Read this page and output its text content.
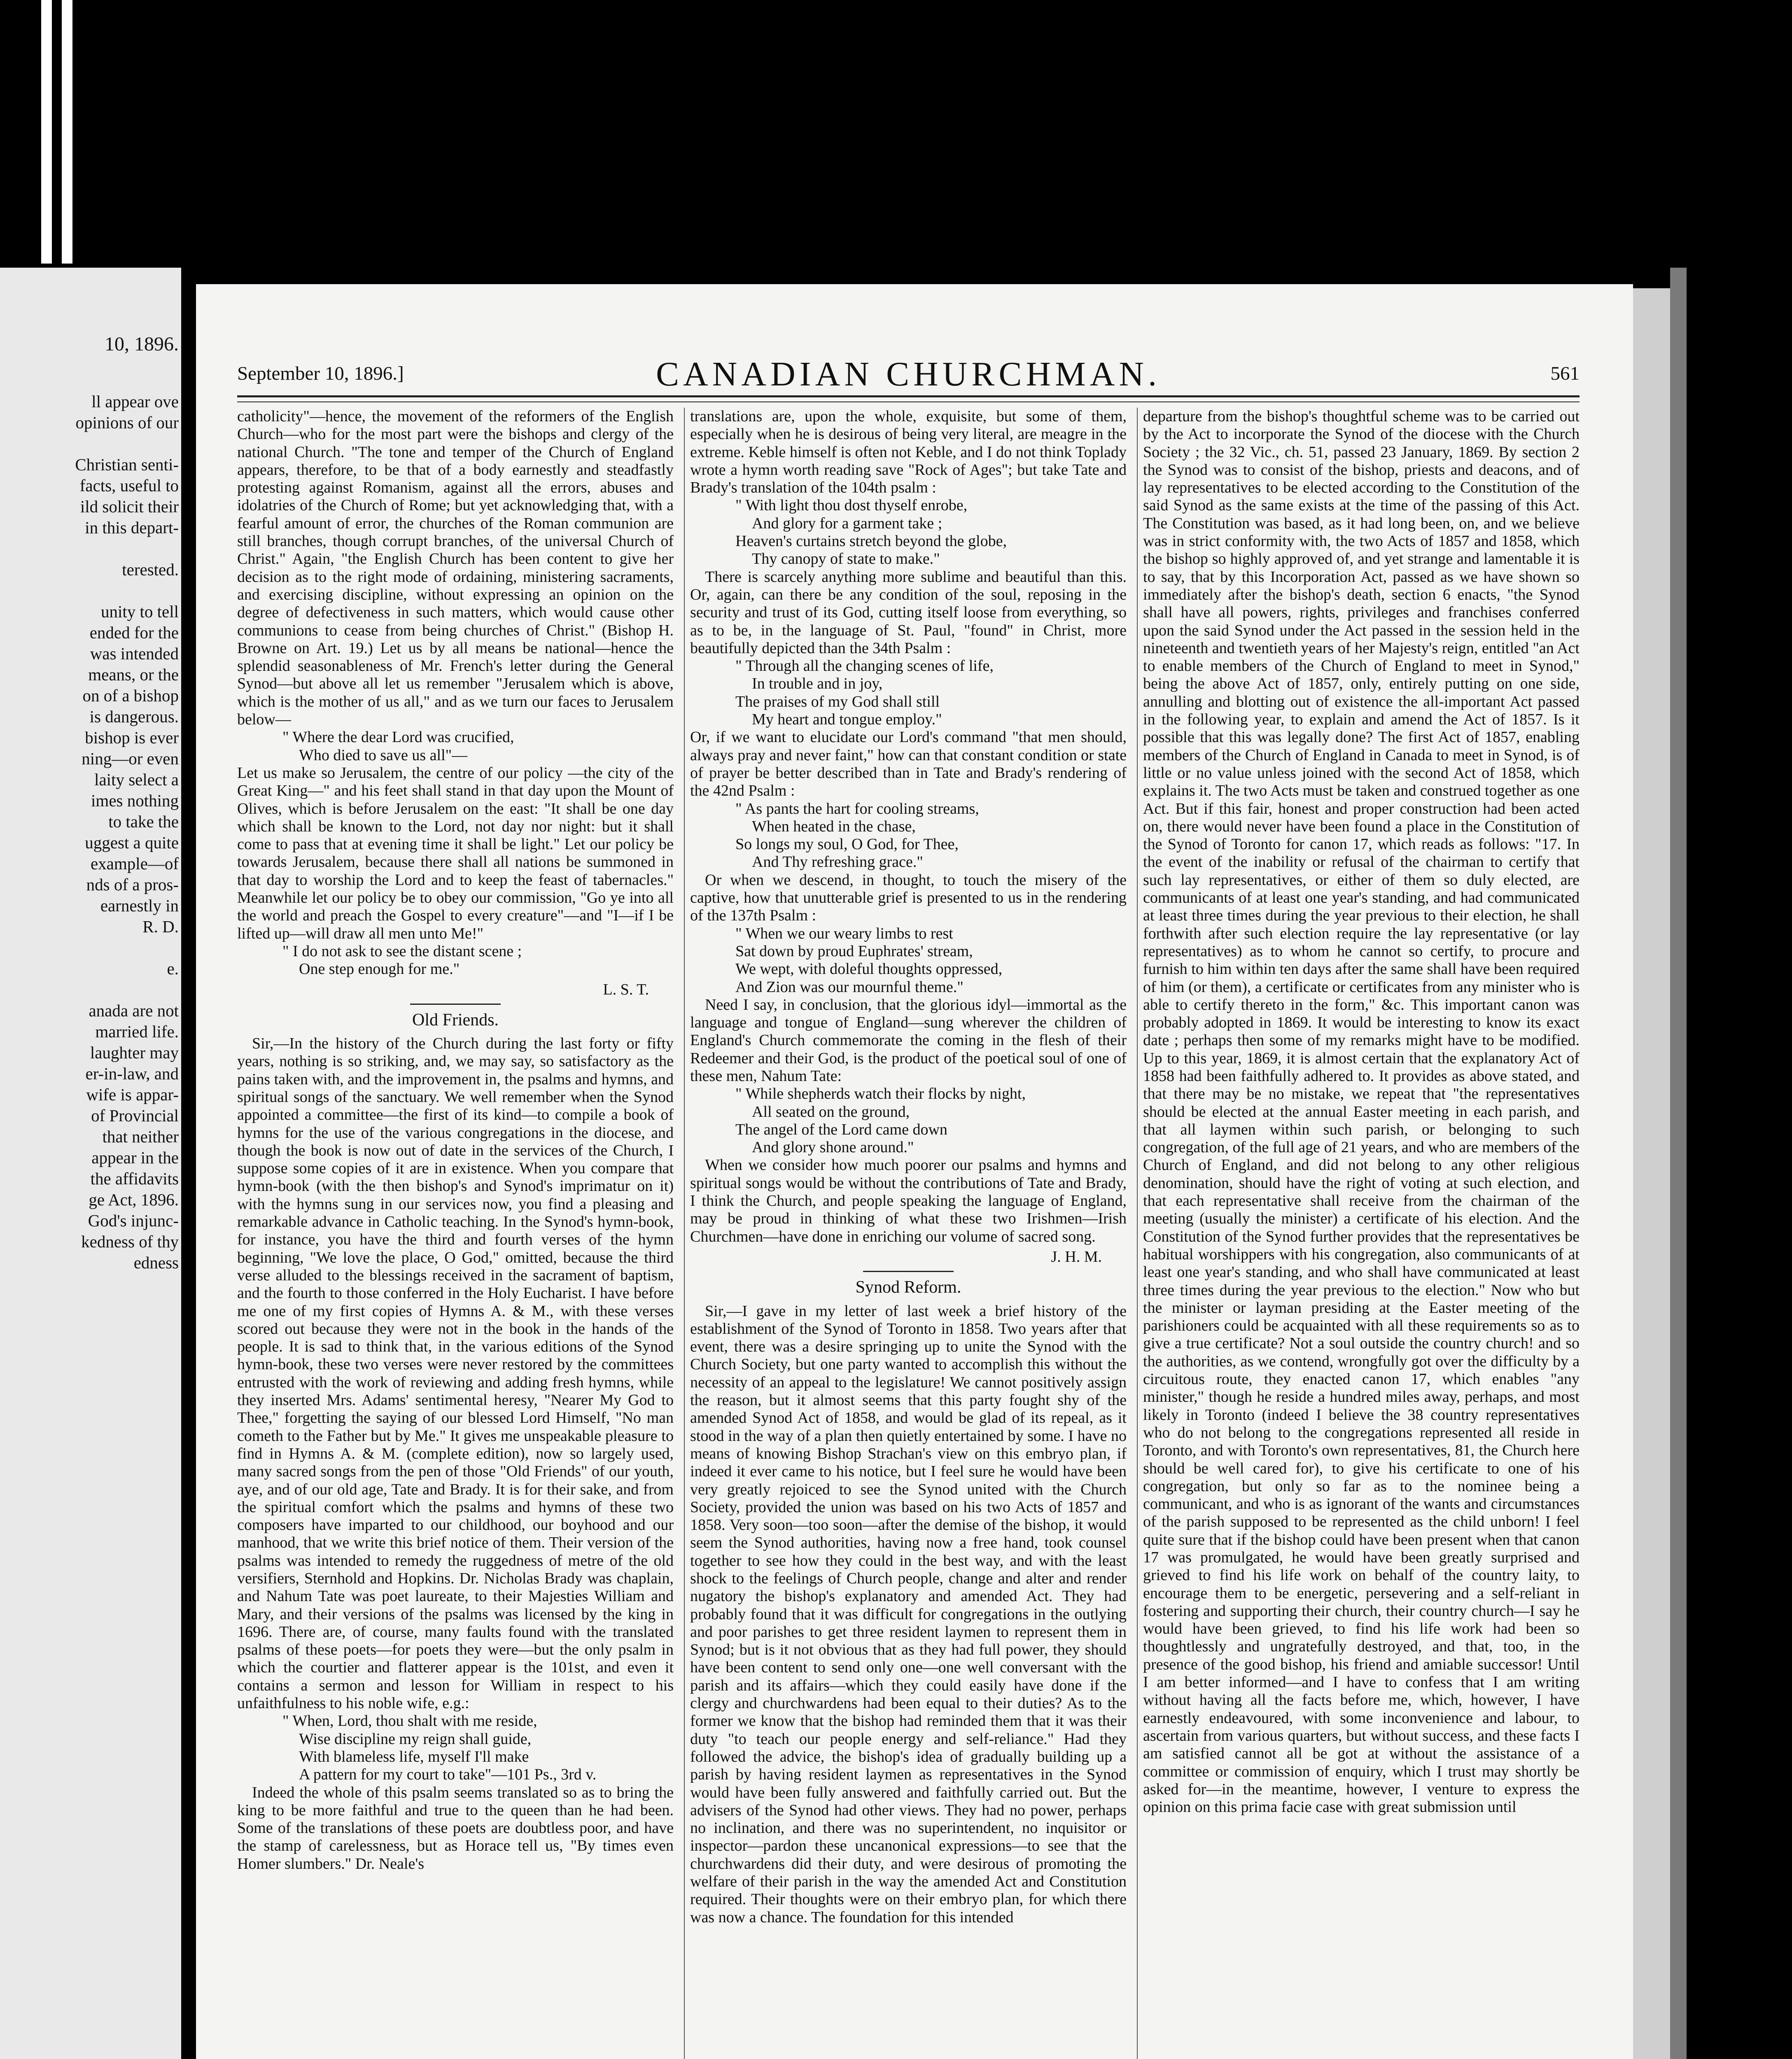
10, 1896.
ll appear ove
opinions of our
Christian senti-
facts, useful to
ild solicit their
in this depart-
terested.
unity to tell
ended for the
was intended
means, or the
on of a bishop
is dangerous.
bishop is ever
ning—or even
laity select a
imes nothing
to take the
uggest a quite
example—of
nds of a pros-
earnestly in
R. D.
e.
anada are not
married life.
laughter may
er-in-law, and
wife is appar-
of Provincial
that neither
appear in the
the affidavits
ge Act, 1896.
God's injunc-
kedness of thy
edness
September 10, 1896.]	CANADIAN CHURCHMAN.	561

catholicity"—hence, the movement of the reformers of the English Church—who for the most part were the bishops and clergy of the national Church. "The tone and temper of the Church of England appears, therefore, to be that of a body earnestly and steadfastly protesting against Romanism, against all the errors, abuses and idolatries of the Church of Rome; but yet acknowledging that, with a fearful amount of error, the churches of the Roman communion are still branches, though corrupt branches, of the universal Church of Christ." Again, "the English Church has been content to give her decision as to the right mode of ordaining, ministering sacraments, and exercising discipline, without expressing an opinion on the degree of defectiveness in such matters, which would cause other communions to cease from being churches of Christ." (Bishop H. Browne on Art. 19.) Let us by all means be national—hence the splendid seasonableness of Mr. French's letter during the General Synod—but above all let us remember "Jerusalem which is above, which is the mother of us all," and as we turn our faces to Jerusalem below—

" Where the dear Lord was crucified,

Who died to save us all"—

Let us make so Jerusalem, the centre of our policy —the city of the Great King—" and his feet shall stand in that day upon the Mount of Olives, which is before Jerusalem on the east: "It shall be one day which shall be known to the Lord, not day nor night: but it shall come to pass that at evening time it shall be light." Let our policy be towards Jerusalem, because there shall all nations be summoned in that day to worship the Lord and to keep the feast of tabernacles." Meanwhile let our policy be to obey our commission, "Go ye into all the world and preach the Gospel to every creature"—and "I—if I be lifted up—will draw all men unto Me!"

" I do not ask to see the distant scene ;

One step enough for me."

L. S. T.

Old Friends.

Sir,—In the history of the Church during the last forty or fifty years, nothing is so striking, and, we may say, so satisfactory as the pains taken with, and the improvement in, the psalms and hymns, and spiritual songs of the sanctuary. We well remember when the Synod appointed a committee—the first of its kind—to compile a book of hymns for the use of the various congregations in the diocese, and though the book is now out of date in the services of the Church, I suppose some copies of it are in existence. When you compare that hymn-book (with the then bishop's and Synod's imprimatur on it) with the hymns sung in our services now, you find a pleasing and remarkable advance in Catholic teaching. In the Synod's hymn-book, for instance, you have the third and fourth verses of the hymn beginning, "We love the place, O God," omitted, because the third verse alluded to the blessings received in the sacrament of baptism, and the fourth to those conferred in the Holy Eucharist. I have before me one of my first copies of Hymns A. & M., with these verses scored out because they were not in the book in the hands of the people. It is sad to think that, in the various editions of the Synod hymn-book, these two verses were never restored by the committees entrusted with the work of reviewing and adding fresh hymns, while they inserted Mrs. Adams' sentimental heresy, "Nearer My God to Thee," forgetting the saying of our blessed Lord Himself, "No man cometh to the Father but by Me." It gives me unspeakable pleasure to find in Hymns A. & M. (complete edition), now so largely used, many sacred songs from the pen of those "Old Friends" of our youth, aye, and of our old age, Tate and Brady. It is for their sake, and from the spiritual comfort which the psalms and hymns of these two composers have imparted to our childhood, our boyhood and our manhood, that we write this brief notice of them. Their version of the psalms was intended to remedy the ruggedness of metre of the old versifiers, Sternhold and Hopkins. Dr. Nicholas Brady was chaplain, and Nahum Tate was poet laureate, to their Majesties William and Mary, and their versions of the psalms was licensed by the king in 1696. There are, of course, many faults found with the translated psalms of these poets—for poets they were—but the only psalm in which the courtier and flatterer appear is the 101st, and even it contains a sermon and lesson for William in respect to his unfaithfulness to his noble wife, e.g.:

" When, Lord, thou shalt with me reside,

Wise discipline my reign shall guide,

With blameless life, myself I'll make

A pattern for my court to take"—101 Ps., 3rd v.

Indeed the whole of this psalm seems translated so as to bring the king to be more faithful and true to the queen than he had been. Some of the translations of these poets are doubtless poor, and have the stamp of carelessness, but as Horace tell us, "By times even Homer slumbers." Dr. Neale's

translations are, upon the whole, exquisite, but some of them, especially when he is desirous of being very literal, are meagre in the extreme. Keble himself is often not Keble, and I do not think Toplady wrote a hymn worth reading save "Rock of Ages"; but take Tate and Brady's translation of the 104th psalm :

" With light thou dost thyself enrobe,

And glory for a garment take ;

Heaven's curtains stretch beyond the globe,

Thy canopy of state to make."

There is scarcely anything more sublime and beautiful than this. Or, again, can there be any condition of the soul, reposing in the security and trust of its God, cutting itself loose from everything, so as to be, in the language of St. Paul, "found" in Christ, more beautifully depicted than the 34th Psalm :

" Through all the changing scenes of life,

In trouble and in joy,

The praises of my God shall still

My heart and tongue employ."

Or, if we want to elucidate our Lord's command "that men should, always pray and never faint," how can that constant condition or state of prayer be better described than in Tate and Brady's rendering of the 42nd Psalm :

" As pants the hart for cooling streams,

When heated in the chase,

So longs my soul, O God, for Thee,

And Thy refreshing grace."

Or when we descend, in thought, to touch the misery of the captive, how that unutterable grief is presented to us in the rendering of the 137th Psalm :

" When we our weary limbs to rest

Sat down by proud Euphrates' stream,

We wept, with doleful thoughts oppressed,

And Zion was our mournful theme."

Need I say, in conclusion, that the glorious idyl—immortal as the language and tongue of England—sung wherever the children of England's Church commemorate the coming in the flesh of their Redeemer and their God, is the product of the poetical soul of one of these men, Nahum Tate:

" While shepherds watch their flocks by night,

All seated on the ground,

The angel of the Lord came down

And glory shone around."

When we consider how much poorer our psalms and hymns and spiritual songs would be without the contributions of Tate and Brady, I think the Church, and people speaking the language of England, may be proud in thinking of what these two Irishmen—Irish Churchmen—have done in enriching our volume of sacred song.

J. H. M.

Synod Reform.

Sir,—I gave in my letter of last week a brief history of the establishment of the Synod of Toronto in 1858. Two years after that event, there was a desire springing up to unite the Synod with the Church Society, but one party wanted to accomplish this without the necessity of an appeal to the legislature! We cannot positively assign the reason, but it almost seems that this party fought shy of the amended Synod Act of 1858, and would be glad of its repeal, as it stood in the way of a plan then quietly entertained by some. I have no means of knowing Bishop Strachan's view on this embryo plan, if indeed it ever came to his notice, but I feel sure he would have been very greatly rejoiced to see the Synod united with the Church Society, provided the union was based on his two Acts of 1857 and 1858. Very soon—too soon—after the demise of the bishop, it would seem the Synod authorities, having now a free hand, took counsel together to see how they could in the best way, and with the least shock to the feelings of Church people, change and alter and render nugatory the bishop's explanatory and amended Act. They had probably found that it was difficult for congregations in the outlying and poor parishes to get three resident laymen to represent them in Synod; but is it not obvious that as they had full power, they should have been content to send only one—one well conversant with the parish and its affairs—which they could easily have done if the clergy and churchwardens had been equal to their duties? As to the former we know that the bishop had reminded them that it was their duty "to teach our people energy and self-reliance." Had they followed the advice, the bishop's idea of gradually building up a parish by having resident laymen as representatives in the Synod would have been fully answered and faithfully carried out. But the advisers of the Synod had other views. They had no power, perhaps no inclination, and there was no superintendent, no inquisitor or inspector—pardon these uncanonical expressions—to see that the churchwardens did their duty, and were desirous of promoting the welfare of their parish in the way the amended Act and Constitution required. Their thoughts were on their embryo plan, for which there was now a chance. The foundation for this intended

departure from the bishop's thoughtful scheme was to be carried out by the Act to incorporate the Synod of the diocese with the Church Society ; the 32 Vic., ch. 51, passed 23 January, 1869. By section 2 the Synod was to consist of the bishop, priests and deacons, and of lay representatives to be elected according to the Constitution of the said Synod as the same exists at the time of the passing of this Act. The Constitution was based, as it had long been, on, and we believe was in strict conformity with, the two Acts of 1857 and 1858, which the bishop so highly approved of, and yet strange and lamentable it is to say, that by this Incorporation Act, passed as we have shown so immediately after the bishop's death, section 6 enacts, "the Synod shall have all powers, rights, privileges and franchises conferred upon the said Synod under the Act passed in the session held in the nineteenth and twentieth years of her Majesty's reign, entitled "an Act to enable members of the Church of England to meet in Synod," being the above Act of 1857, only, entirely putting on one side, annulling and blotting out of existence the all-important Act passed in the following year, to explain and amend the Act of 1857. Is it possible that this was legally done? The first Act of 1857, enabling members of the Church of England in Canada to meet in Synod, is of little or no value unless joined with the second Act of 1858, which explains it. The two Acts must be taken and construed together as one Act. But if this fair, honest and proper construction had been acted on, there would never have been found a place in the Constitution of the Synod of Toronto for canon 17, which reads as follows: "17. In the event of the inability or refusal of the chairman to certify that such lay representatives, or either of them so duly elected, are communicants of at least one year's standing, and had communicated at least three times during the year previous to their election, he shall forthwith after such election require the lay representative (or lay representatives) as to whom he cannot so certify, to procure and furnish to him within ten days after the same shall have been required of him (or them), a certificate or certificates from any minister who is able to certify thereto in the form," &c. This important canon was probably adopted in 1869. It would be interesting to know its exact date ; perhaps then some of my remarks might have to be modified. Up to this year, 1869, it is almost certain that the explanatory Act of 1858 had been faithfully adhered to. It provides as above stated, and that there may be no mistake, we repeat that "the representatives should be elected at the annual Easter meeting in each parish, and that all laymen within such parish, or belonging to such congregation, of the full age of 21 years, and who are members of the Church of England, and did not belong to any other religious denomination, should have the right of voting at such election, and that each representative shall receive from the chairman of the meeting (usually the minister) a certificate of his election. And the Constitution of the Synod further provides that the representatives be habitual worshippers with his congregation, also communicants of at least one year's standing, and who shall have communicated at least three times during the year previous to the election." Now who but the minister or layman presiding at the Easter meeting of the parishioners could be acquainted with all these requirements so as to give a true certificate? Not a soul outside the country church! and so the authorities, as we contend, wrongfully got over the difficulty by a circuitous route, they enacted canon 17, which enables "any minister," though he reside a hundred miles away, perhaps, and most likely in Toronto (indeed I believe the 38 country representatives who do not belong to the congregations represented all reside in Toronto, and with Toronto's own representatives, 81, the Church here should be well cared for), to give his certificate to one of his congregation, but only so far as to the nominee being a communicant, and who is as ignorant of the wants and circumstances of the parish supposed to be represented as the child unborn! I feel quite sure that if the bishop could have been present when that canon 17 was promulgated, he would have been greatly surprised and grieved to find his life work on behalf of the country laity, to encourage them to be energetic, persevering and a self-reliant in fostering and supporting their church, their country church—I say he would have been grieved, to find his life work had been so thoughtlessly and ungratefully destroyed, and that, too, in the presence of the good bishop, his friend and amiable successor! Until I am better informed—and I have to confess that I am writing without having all the facts before me, which, however, I have earnestly endeavoured, with some inconvenience and labour, to ascertain from various quarters, but without success, and these facts I am satisfied cannot all be got at without the assistance of a committee or commission of enquiry, which I trust may shortly be asked for—in the meantime, however, I venture to express the opinion on this prima facie case with great submission until
